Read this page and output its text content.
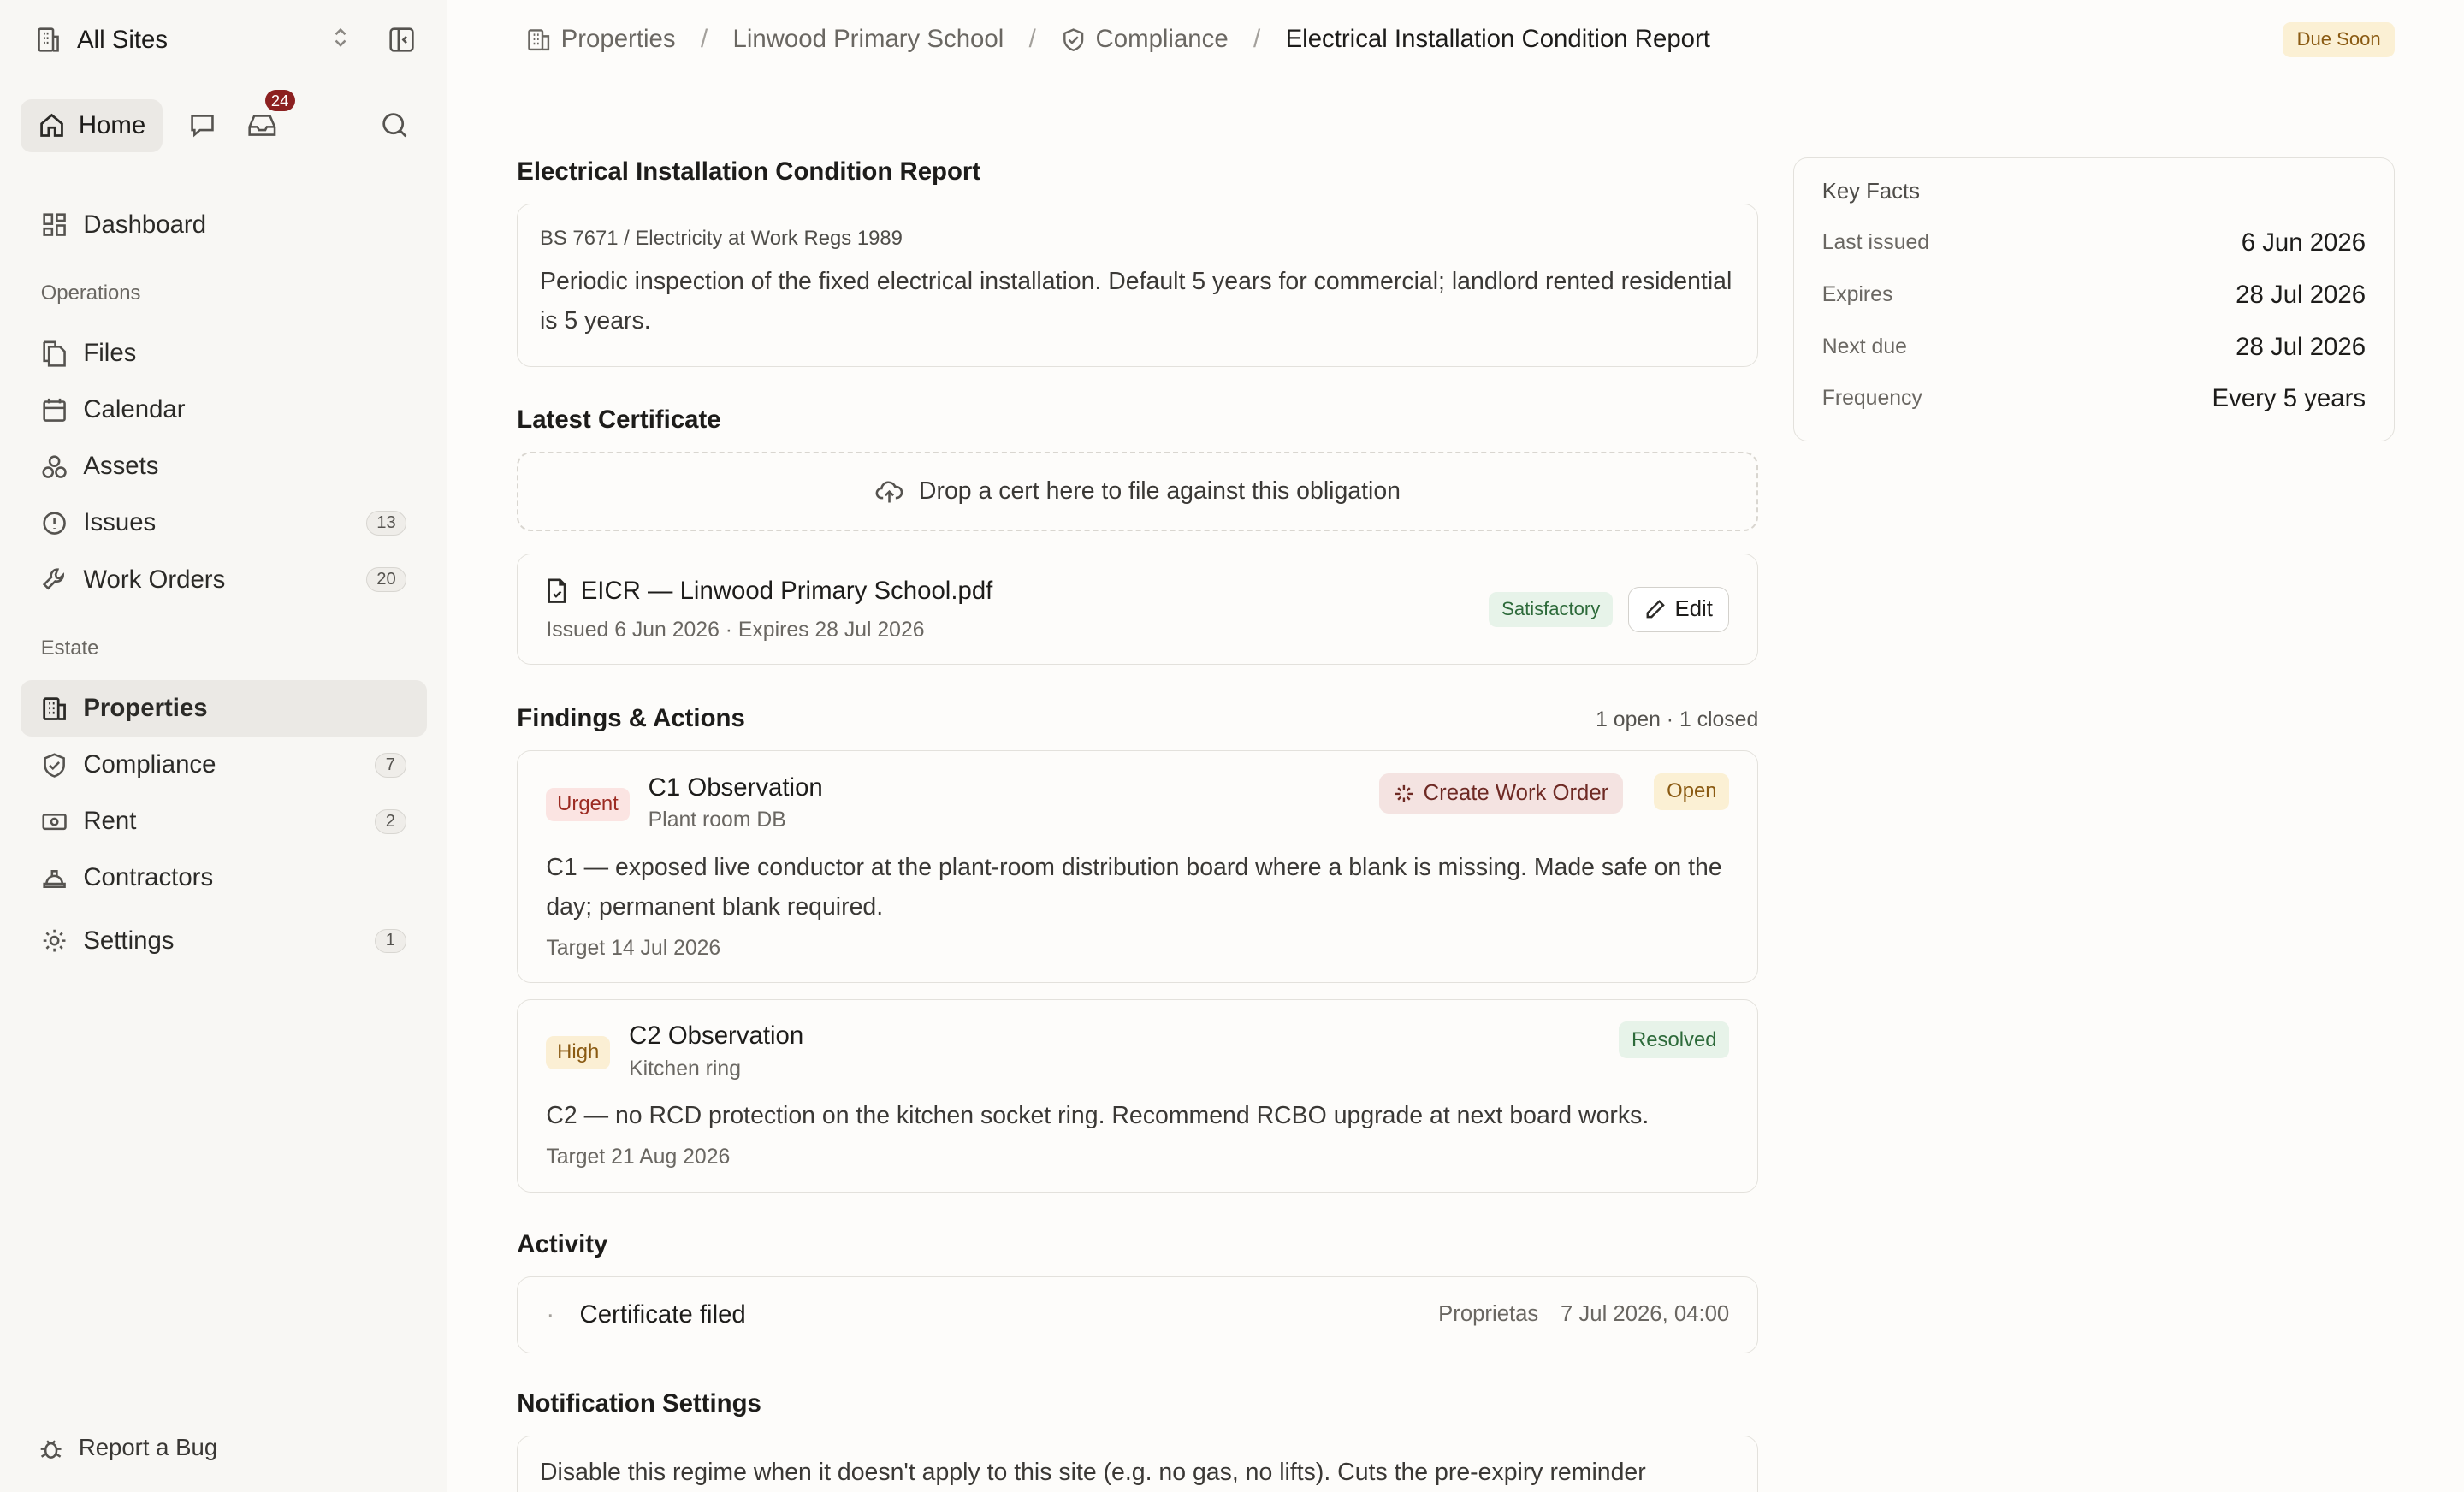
All Sites
Home
24
Dashboard
Operations
Files
Calendar
Assets
Issues	13
Work Orders	20
Estate
Properties
Compliance	7
Rent	2
Contractors
Settings	1
Report a Bug
Properties / Linwood Primary School /	Compliance / Electrical Installation Condition Report	Due Soon
Electrical Installation Condition Report
BS 7671 / Electricity at Work Regs 1989
Periodic inspection of the fixed electrical installation. Default 5 years for commercial; landlord rented residential is 5 years.
Latest Certificate
Drop a cert here to file against this obligation
EICR — Linwood Primary School.pdf
Issued 6 Jun 2026 · Expires 28 Jul 2026
Satisfactory	Edit
Findings & Actions	1 open · 1 closed
Urgent
C1 Observation
Plant room DB
Create Work Order	Open
C1 — exposed live conductor at the plant-room distribution board where a blank is missing. Made safe on the day; permanent blank required.
Target 14 Jul 2026
High
C2 Observation
Kitchen ring
Resolved
C2 — no RCD protection on the kitchen socket ring. Recommend RCBO upgrade at next board works.
Target 21 Aug 2026
Activity
· Certificate filed	Proprietas 7 Jul 2026, 04:00
Notification Settings
Disable this regime when it doesn't apply to this site (e.g. no gas, no lifts). Cuts the pre-expiry reminder
Key Facts
Last issued	6 Jun 2026
Expires	28 Jul 2026
Next due	28 Jul 2026
Frequency	Every 5 years
